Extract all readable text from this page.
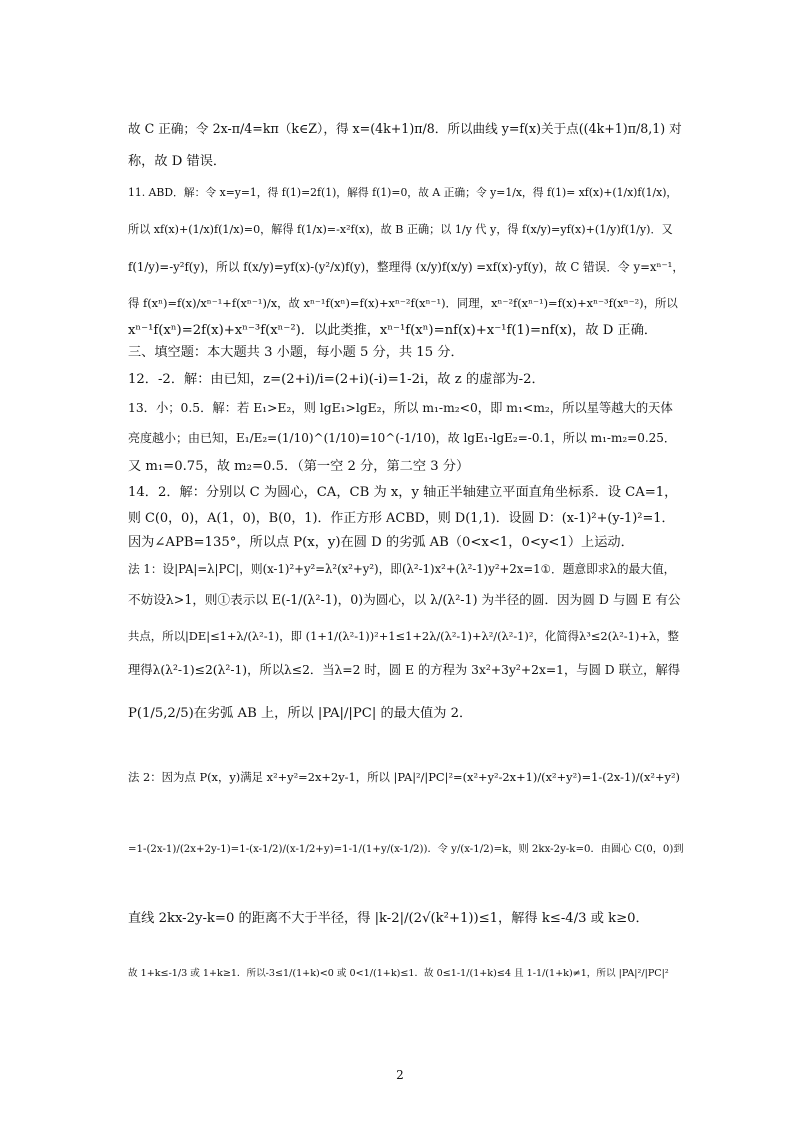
故 C 正确；令 2x-π/4=kπ（k∈Z），得 x=(4k+1)π/8．所以曲线 y=f(x)关于点((4k+1)π/8,1) 对
称，故 D 错误．
11. ABD．解：令 x=y=1，得 f(1)=2f(1)，解得 f(1)=0，故 A 正确；令 y=1/x，得 f(1)= xf(x)+(1/x)f(1/x)，
所以 xf(x)+(1/x)f(1/x)=0，解得 f(1/x)=-x²f(x)，故 B 正确；以 1/y 代 y，得 f(x/y)=yf(x)+(1/y)f(1/y)．又
f(1/y)=-y²f(y)，所以 f(x/y)=yf(x)-(y²/x)f(y)，整理得 (x/y)f(x/y) =xf(x)-yf(y)，故 C 错误．令 y=xⁿ⁻¹，
得 f(xⁿ)=f(x)/xⁿ⁻¹+f(xⁿ⁻¹)/x，故 xⁿ⁻¹f(xⁿ)=f(x)+xⁿ⁻²f(xⁿ⁻¹)．同理，xⁿ⁻²f(xⁿ⁻¹)=f(x)+xⁿ⁻³f(xⁿ⁻²)，所以
xⁿ⁻¹f(xⁿ)=2f(x)+xⁿ⁻³f(xⁿ⁻²)．以此类推，xⁿ⁻¹f(xⁿ)=nf(x)+x⁻¹f(1)=nf(x)，故 D 正确．
三、填空题：本大题共 3 小题，每小题 5 分，共 15 分．
12．-2．解：由已知，z=(2+i)/i=(2+i)(-i)=1-2i，故 z 的虚部为-2．
13．小；0.5．解：若 E₁>E₂，则 lgE₁>lgE₂，所以 m₁-m₂<0，即 m₁<m₂，所以星等越大的天体
亮度越小；由已知，E₁/E₂=(1/10)^(1/10)=10^(-1/10)，故 lgE₁-lgE₂=-0.1，所以 m₁-m₂=0.25．
又 m₁=0.75，故 m₂=0.5．（第一空 2 分，第二空 3 分）
14．2．解：分别以 C 为圆心，CA，CB 为 x，y 轴正半轴建立平面直角坐标系．设 CA=1，
则 C(0，0)，A(1，0)，B(0，1)．作正方形 ACBD，则 D(1,1)．设圆 D：(x-1)²+(y-1)²=1．
因为∠APB=135°，所以点 P(x，y)在圆 D 的劣弧 AB（0<x<1，0<y<1）上运动．
法 1：设|PA|=λ|PC|，则(x-1)²+y²=λ²(x²+y²)，即(λ²-1)x²+(λ²-1)y²+2x=1①．题意即求λ的最大值，
不妨设λ>1，则①表示以 E(-1/(λ²-1)，0)为圆心，以 λ/(λ²-1) 为半径的圆．因为圆 D 与圆 E 有公
共点，所以|DE|≤1+λ/(λ²-1)，即 (1+1/(λ²-1))²+1≤1+2λ/(λ²-1)+λ²/(λ²-1)²，化简得λ³≤2(λ²-1)+λ，整
理得λ(λ²-1)≤2(λ²-1)，所以λ≤2．当λ=2 时，圆 E 的方程为 3x²+3y²+2x=1，与圆 D 联立，解得
P(1/5,2/5)在劣弧 AB 上，所以 |PA|/|PC| 的最大值为 2．
法 2：因为点 P(x，y)满足 x²+y²=2x+2y-1，所以 |PA|²/|PC|²=(x²+y²-2x+1)/(x²+y²)=1-(2x-1)/(x²+y²)
=1-(2x-1)/(2x+2y-1)=1-(x-1/2)/(x-1/2+y)=1-1/(1+y/(x-1/2))．令 y/(x-1/2)=k，则 2kx-2y-k=0．由圆心 C(0，0)到
直线 2kx-2y-k=0 的距离不大于半径，得 |k-2|/(2√(k²+1))≤1，解得 k≤-4/3 或 k≥0．
故 1+k≤-1/3 或 1+k≥1．所以-3≤1/(1+k)<0 或 0<1/(1+k)≤1．故 0≤1-1/(1+k)≤4 且 1-1/(1+k)≠1，所以 |PA|²/|PC|²
2
